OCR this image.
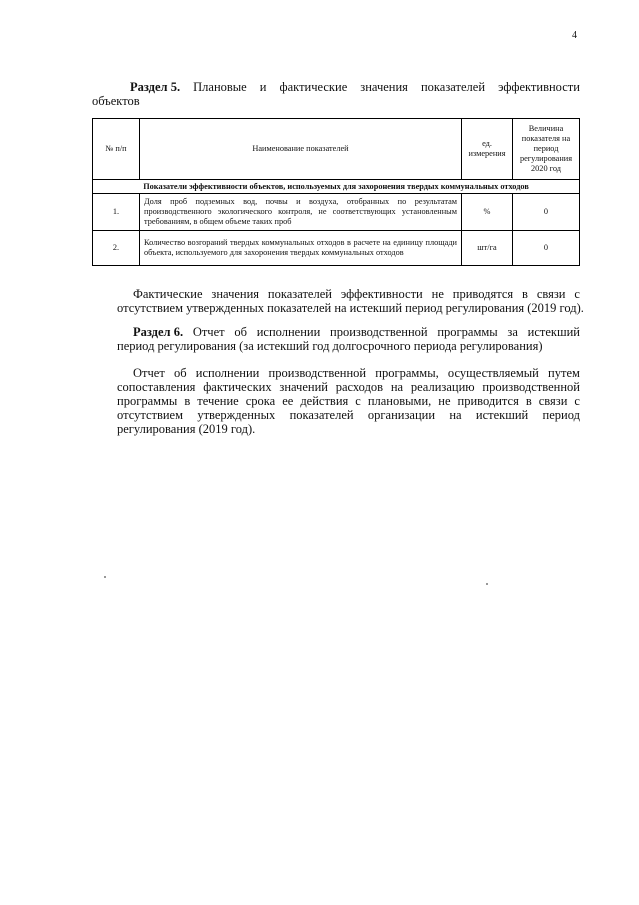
4
Раздел 5. Плановые и фактические значения показателей эффективности
объектов
№ п/п	Наименование показателей	ед. измерения	Величина показателя на период регулирования 2020 год
Показатели эффективности объектов, используемых для захоронения твердых коммунальных отходов			
1.	Доля проб подземных вод, почвы и воздуха, отобранных по результатам производственного экологического контроля, не соответствующих установленным требованиям, в общем объеме таких проб	%	0
2.	Количество возгораний твердых коммунальных отходов в расчете на единицу площади объекта, используемого для захоронения твердых коммунальных отходов	шт/га	0
Фактические значения показателей эффективности не приводятся в связи с
отсутствием утвержденных показателей на истекший период регулирования (2019 год).
Раздел 6. Отчет об исполнении производственной программы за истекший
период регулирования (за истекший год долгосрочного периода регулирования)
Отчет об исполнении производственной программы, осуществляемый путем
сопоставления фактических значений расходов на реализацию производственной
программы в течение срока ее действия с плановыми, не приводится в связи с
отсутствием утвержденных показателей организации на истекший период
регулирования (2019 год).
